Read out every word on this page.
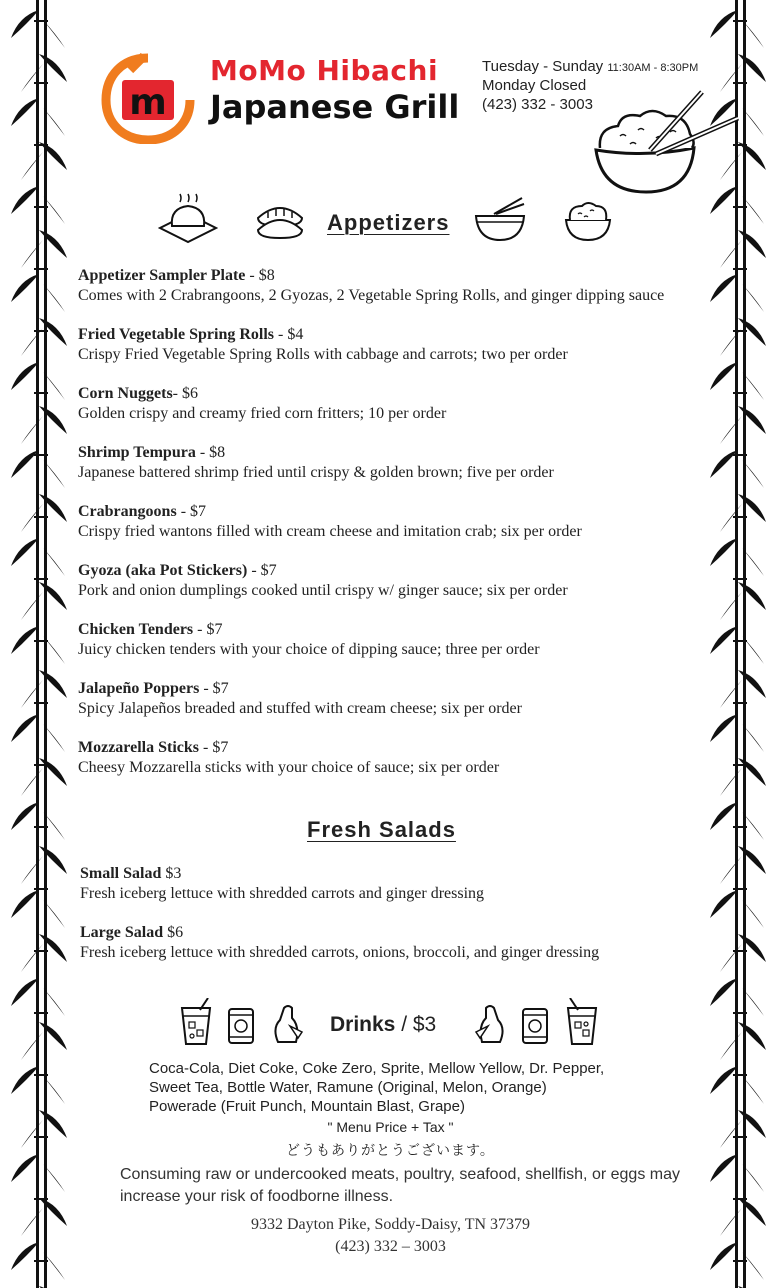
m
MoMo Hibachi
Japanese Grill
Tuesday - Sunday 11:30AM - 8:30PM
Monday Closed
(423) 332 - 3003
Appetizers
Appetizer Sampler Plate - $8
Comes with 2 Crabrangoons, 2 Gyozas, 2 Vegetable Spring Rolls, and ginger dipping sauce
Fried Vegetable Spring Rolls - $4
Crispy Fried Vegetable Spring Rolls with cabbage and carrots; two per order
Corn Nuggets- $6
Golden crispy and creamy fried corn fritters; 10 per order
Shrimp Tempura - $8
Japanese battered shrimp fried until crispy & golden brown; five per order
Crabrangoons - $7
Crispy fried wantons filled with cream cheese and imitation crab; six per order
Gyoza (aka Pot Stickers) - $7
Pork and onion dumplings cooked until crispy w/ ginger sauce; six per order
Chicken Tenders - $7
Juicy chicken tenders with your choice of dipping sauce; three per order
Jalapeño Poppers - $7
Spicy Jalapeños breaded and stuffed with cream cheese; six per order
Mozzarella Sticks - $7
Cheesy Mozzarella sticks with your choice of sauce; six per order
Fresh Salads
Small Salad $3
Fresh iceberg lettuce with shredded carrots and ginger dressing
Large Salad $6
Fresh iceberg lettuce with shredded carrots, onions, broccoli, and ginger dressing
Drinks / $3
Coca-Cola, Diet Coke, Coke Zero, Sprite, Mellow Yellow, Dr. Pepper,
Sweet Tea, Bottle Water, Ramune (Original, Melon, Orange)
Powerade (Fruit Punch, Mountain Blast, Grape)
" Menu Price + Tax "
どうもありがとうございます。
Consuming raw or undercooked meats, poultry, seafood, shellfish, or eggs may increase your risk of foodborne illness.
9332 Dayton Pike, Soddy-Daisy, TN 37379
(423) 332 – 3003
